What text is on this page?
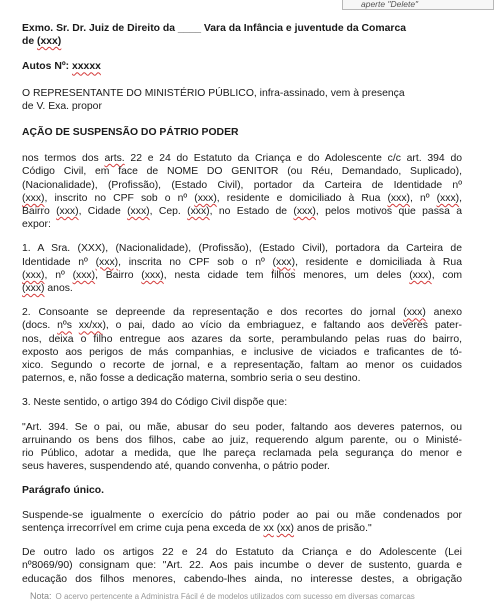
aperte "Delete"

Exmo. Sr. Dr. Juiz de Direito da ____ Vara da Infância e juventude da Comarca
de (xxx)

Autos Nº: xxxxx

O REPRESENTANTE DO MINISTÉRIO PÚBLICO, infra-assinado, vem à presença
de V. Exa. propor

AÇÃO DE SUSPENSÃO DO PÁTRIO PODER

nos termos dos arts. 22 e 24 do Estatuto da Criança e do Adolescente c/c art. 394 do
Código Civil, em face de NOME DO GENITOR (ou Réu, Demandado, Suplicado),
(Nacionalidade), (Profissão), (Estado Civil), portador da Carteira de Identidade nº
(xxx), inscrito no CPF sob o nº (xxx), residente e domiciliado à Rua (xxx), nº (xxx),
Bairro (xxx), Cidade (xxx), Cep. (xxx), no Estado de (xxx), pelos motivos que passa a
expor:

1. A Sra. (XXX), (Nacionalidade), (Profissão), (Estado Civil), portadora da Carteira de
Identidade nº (xxx), inscrita no CPF sob o nº (xxx), residente e domiciliada à Rua
(xxx), nº (xxx), Bairro (xxx), nesta cidade tem filhos menores, um deles (xxx), com
(xxx) anos.

2. Consoante se depreende da representação e dos recortes do jornal (xxx) anexo
(docs. nºs xx/xx), o pai, dado ao vício da embriaguez, e faltando aos deveres pater-
nos, deixa o filho entregue aos azares da sorte, perambulando pelas ruas do bairro,
exposto aos perigos de más companhias, e inclusive de viciados e traficantes de tó-
xico. Segundo o recorte de jornal, e a representação, faltam ao menor os cuidados
paternos, e, não fosse a dedicação materna, sombrio seria o seu destino.

3. Neste sentido, o artigo 394 do Código Civil dispõe que:

"Art. 394. Se o pai, ou mãe, abusar do seu poder, faltando aos deveres paternos, ou
arruinando os bens dos filhos, cabe ao juiz, requerendo algum parente, ou o Ministé-
rio Público, adotar a medida, que lhe pareça reclamada pela segurança do menor e
seus haveres, suspendendo até, quando convenha, o pátrio poder.

Parágrafo único.

Suspende-se igualmente o exercício do pátrio poder ao pai ou mãe condenados por
sentença irrecorrível em crime cuja pena exceda de xx (xx) anos de prisão."

De outro lado os artigos 22 e 24 do Estatuto da Criança e do Adolescente (Lei
nº8069/90) consignam que: "Art. 22. Aos pais incumbe o dever de sustento, guarda e
educação dos filhos menores, cabendo-lhes ainda, no interesse destes, a obrigação

Nota: O acervo pertencente a Administra Fácil é de modelos utilizados com sucesso em diversas comarcas
